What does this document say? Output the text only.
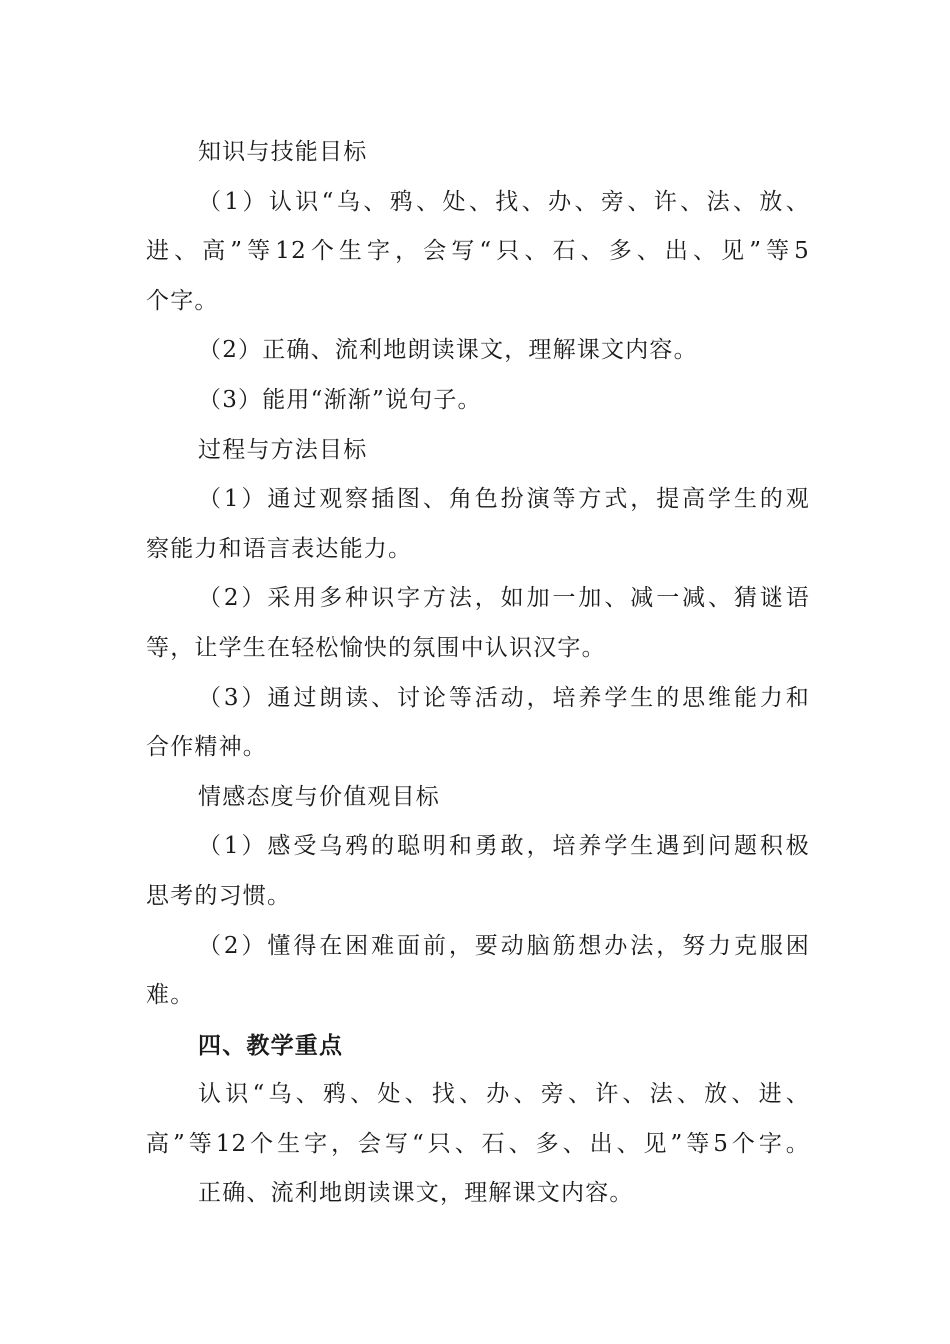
知识与技能目标
（1）认识“乌、鸦、处、找、办、旁、许、法、放、
进、高”等12个生字，会写“只、石、多、出、见”等5
个字。
（2）正确、流利地朗读课文，理解课文内容。
（3）能用“渐渐”说句子。
过程与方法目标
（1）通过观察插图、角色扮演等方式，提高学生的观
察能力和语言表达能力。
（2）采用多种识字方法，如加一加、减一减、猜谜语
等，让学生在轻松愉快的氛围中认识汉字。
（3）通过朗读、讨论等活动，培养学生的思维能力和
合作精神。
情感态度与价值观目标
（1）感受乌鸦的聪明和勇敢，培养学生遇到问题积极
思考的习惯。
（2）懂得在困难面前，要动脑筋想办法，努力克服困
难。
四、教学重点
认识“乌、鸦、处、找、办、旁、许、法、放、进、
高”等12个生字，会写“只、石、多、出、见”等5个字。
正确、流利地朗读课文，理解课文内容。
